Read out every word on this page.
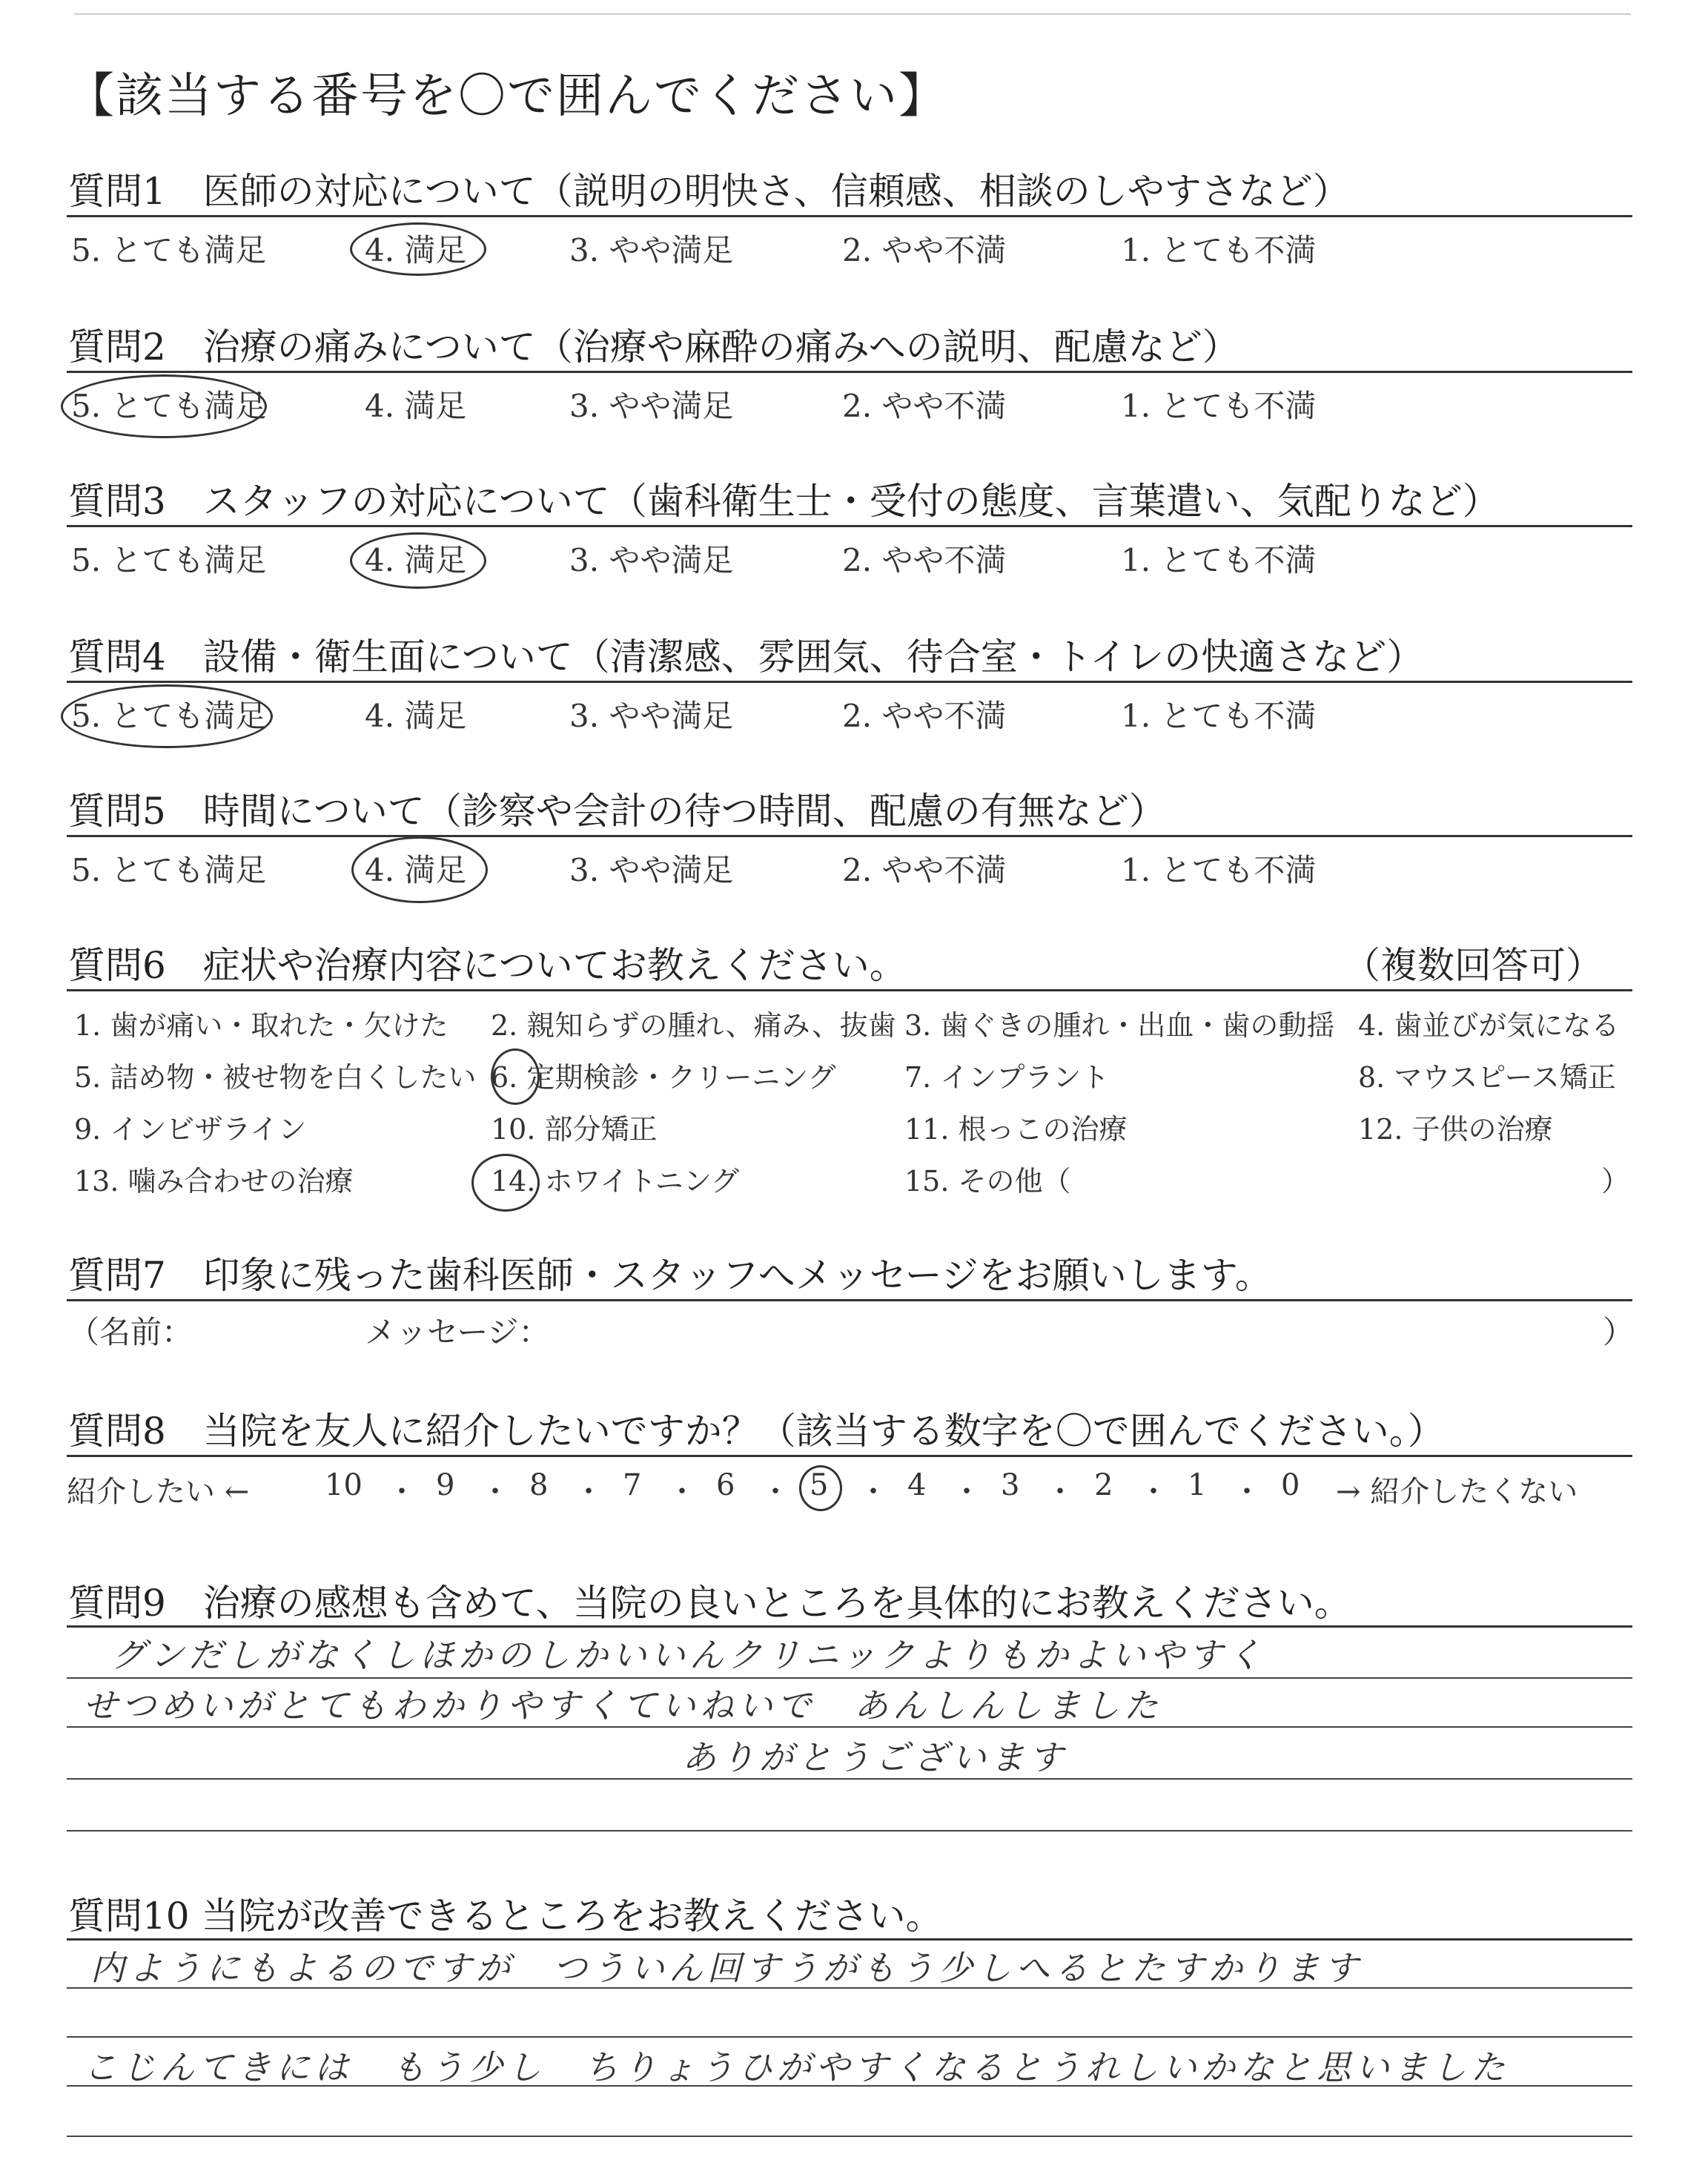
【該当する番号を〇で囲んでください】
質問1　医師の対応について（説明の明快さ、信頼感、相談のしやすさなど）
5. とても満足	4. 満足	3. やや満足	2. やや不満	1. とても不満
質問2　治療の痛みについて（治療や麻酔の痛みへの説明、配慮など）
5. とても満足	4. 満足	3. やや満足	2. やや不満	1. とても不満
質問3　スタッフの対応について（歯科衛生士・受付の態度、言葉遣い、気配りなど）
5. とても満足	4. 満足	3. やや満足	2. やや不満	1. とても不満
質問4　設備・衛生面について（清潔感、雰囲気、待合室・トイレの快適さなど）
5. とても満足	4. 満足	3. やや満足	2. やや不満	1. とても不満
質問5　時間について（診察や会計の待つ時間、配慮の有無など）
5. とても満足	4. 満足	3. やや満足	2. やや不満	1. とても不満
質問6　症状や治療内容についてお教えください。	（複数回答可）
1. 歯が痛い・取れた・欠けた 2. 親知らずの腫れ、痛み、抜歯 3. 歯ぐきの腫れ・出血・歯の動揺 4. 歯並びが気になる
5. 詰め物・被せ物を白くしたい 6. 定期検診・クリーニング 7. インプラント	8. マウスピース矯正
9. インビザライン	10. 部分矯正	11. 根っこの治療	12. 子供の治療
13. 噛み合わせの治療	14. ホワイトニング	15. その他（	）
質問7　印象に残った歯科医師・スタッフへメッセージをお願いします。
（名前：	メッセージ：	）
質問8　当院を友人に紹介したいですか？（該当する数字を〇で囲んでください。）
紹介したい ←	10 ・ 9 ・ 8 ・ 7 ・ 6 ・ 5 ・ 4 ・ 3 ・ 2 ・ 1 ・ 0 → 紹介したくない
質問9　治療の感想も含めて、当院の良いところを具体的にお教えください。
グンだしがなくしほかのしかいいんクリニックよりもかよいやすく
せつめいがとてもわかりやすくていねいで　あんしんしました
ありがとうございます
質問10 当院が改善できるところをお教えください。
内ようにもよるのですが　つういん回すうがもう少しへるとたすかります
こじんてきには　もう少し　ちりょうひがやすくなるとうれしいかなと思いました
